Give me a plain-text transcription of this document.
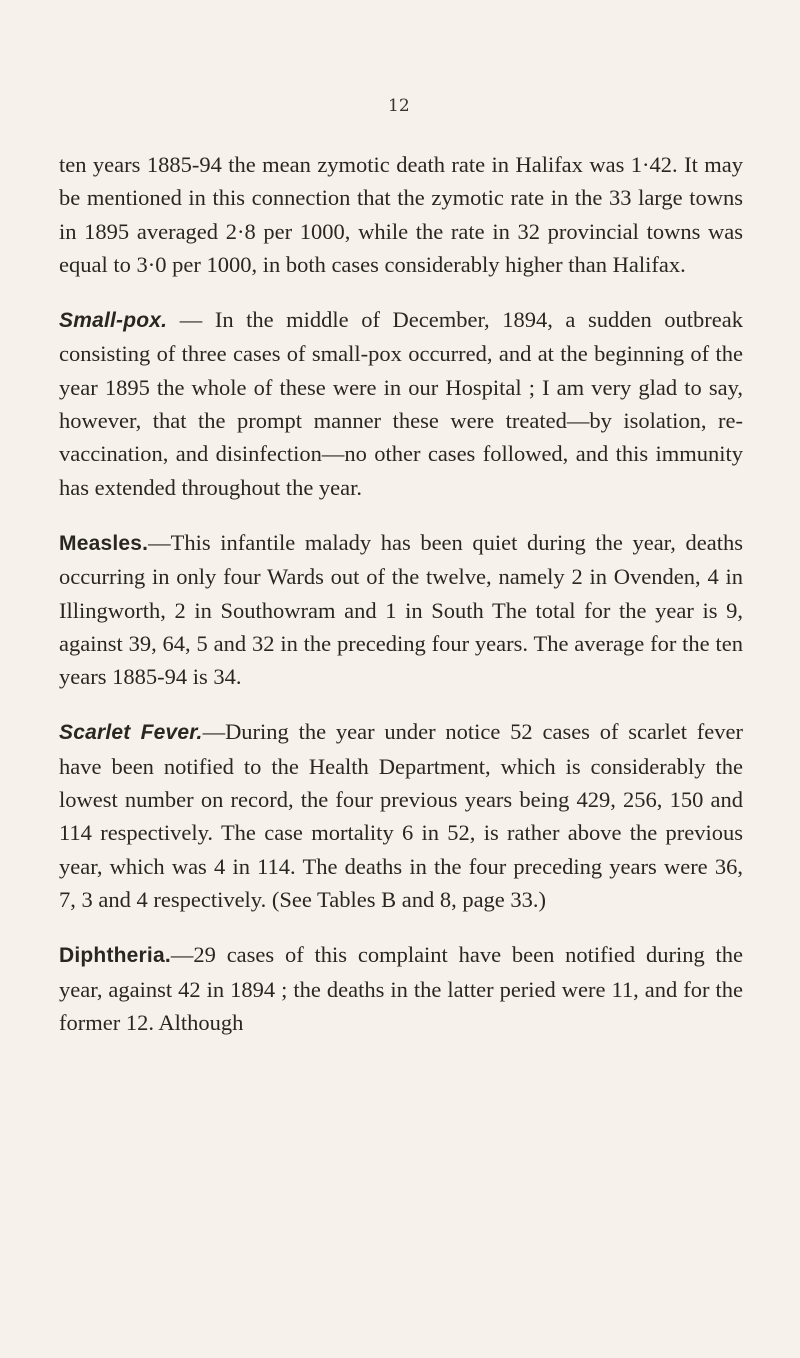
12

ten years 1885-94 the mean zymotic death rate in Halifax was 1·42. It may be mentioned in this connection that the zymotic rate in the 33 large towns in 1895 averaged 2·8 per 1000, while the rate in 32 provincial towns was equal to 3·0 per 1000, in both cases considerably higher than Halifax.

Small-pox. — In the middle of December, 1894, a sudden outbreak consisting of three cases of small-pox occurred, and at the beginning of the year 1895 the whole of these were in our Hospital ; I am very glad to say, however, that the prompt manner these were treated—by isolation, re-vaccination, and disinfection—no other cases followed, and this immunity has extended throughout the year.

Measles.—This infantile malady has been quiet during the year, deaths occurring in only four Wards out of the twelve, namely 2 in Ovenden, 4 in Illingworth, 2 in Southowram and 1 in South The total for the year is 9, against 39, 64, 5 and 32 in the preceding four years. The average for the ten years 1885-94 is 34.

Scarlet Fever.—During the year under notice 52 cases of scarlet fever have been notified to the Health Department, which is considerably the lowest number on record, the four previous years being 429, 256, 150 and 114 respectively. The case mortality 6 in 52, is rather above the previous year, which was 4 in 114. The deaths in the four preceding years were 36, 7, 3 and 4 respectively. (See Tables B and 8, page 33.)

Diphtheria.—29 cases of this complaint have been notified during the year, against 42 in 1894 ; the deaths in the latter peried were 11, and for the former 12. Although
